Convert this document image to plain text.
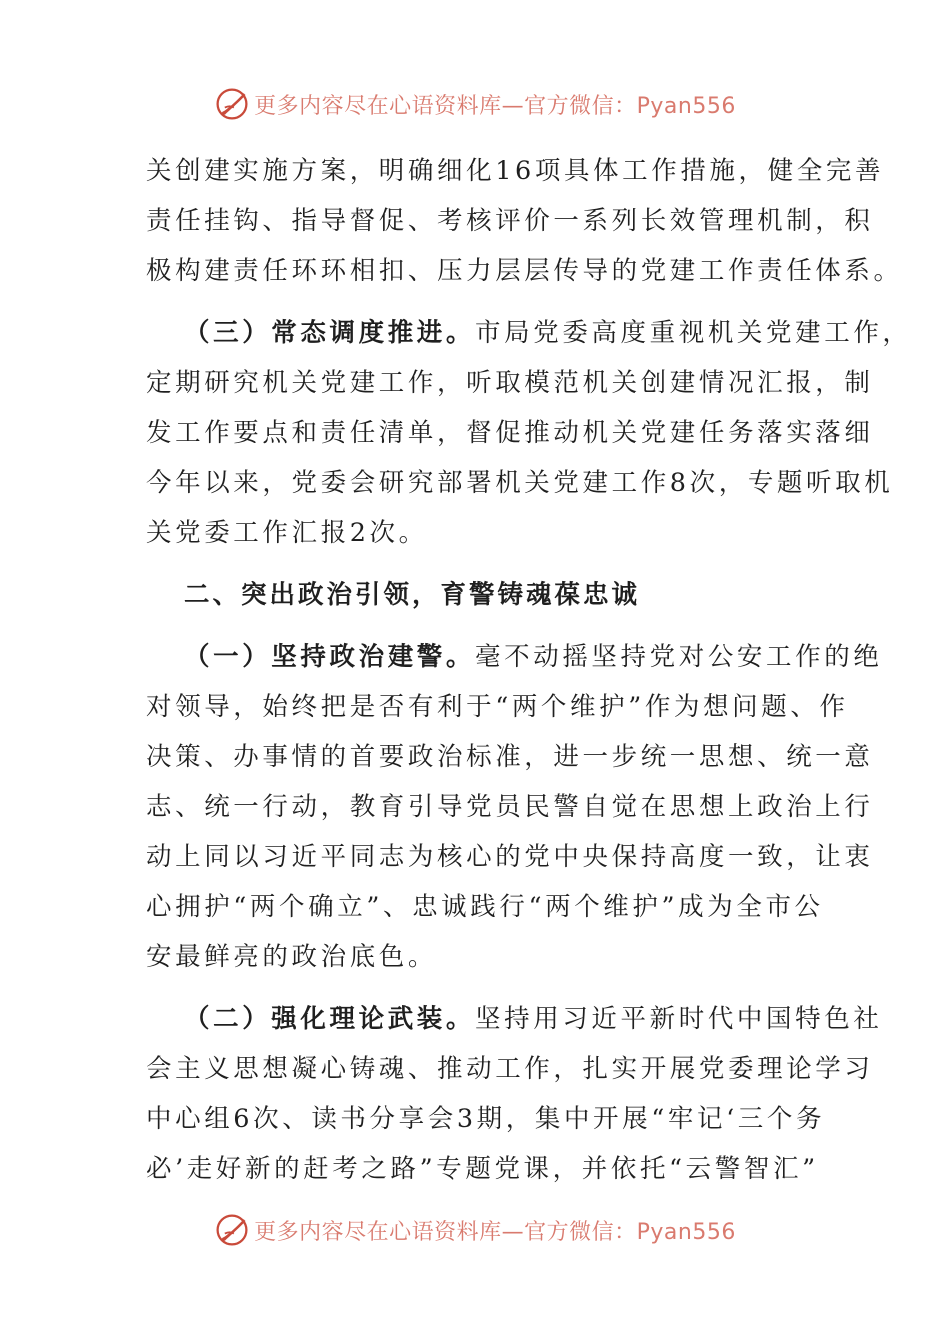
更多内容尽在心语资料库—官方微信：Pyan556
关创建实施方案，明确细化16项具体工作措施，健全完善
责任挂钩、指导督促、考核评价一系列长效管理机制，积
极构建责任环环相扣、压力层层传导的党建工作责任体系。
（三）常态调度推进。市局党委高度重视机关党建工作，
定期研究机关党建工作，听取模范机关创建情况汇报，制
发工作要点和责任清单，督促推动机关党建任务落实落细
今年以来，党委会研究部署机关党建工作8次，专题听取机
关党委工作汇报2次。
二、突出政治引领，育警铸魂葆忠诚
（一）坚持政治建警。毫不动摇坚持党对公安工作的绝
对领导，始终把是否有利于“两个维护”作为想问题、作
决策、办事情的首要政治标准，进一步统一思想、统一意
志、统一行动，教育引导党员民警自觉在思想上政治上行
动上同以习近平同志为核心的党中央保持高度一致，让衷
心拥护“两个确立”、忠诚践行“两个维护”成为全市公
安最鲜亮的政治底色。
（二）强化理论武装。坚持用习近平新时代中国特色社
会主义思想凝心铸魂、推动工作，扎实开展党委理论学习
中心组6次、读书分享会3期，集中开展“牢记‘三个务
必’走好新的赶考之路”专题党课，并依托“云警智汇”
更多内容尽在心语资料库—官方微信：Pyan556
